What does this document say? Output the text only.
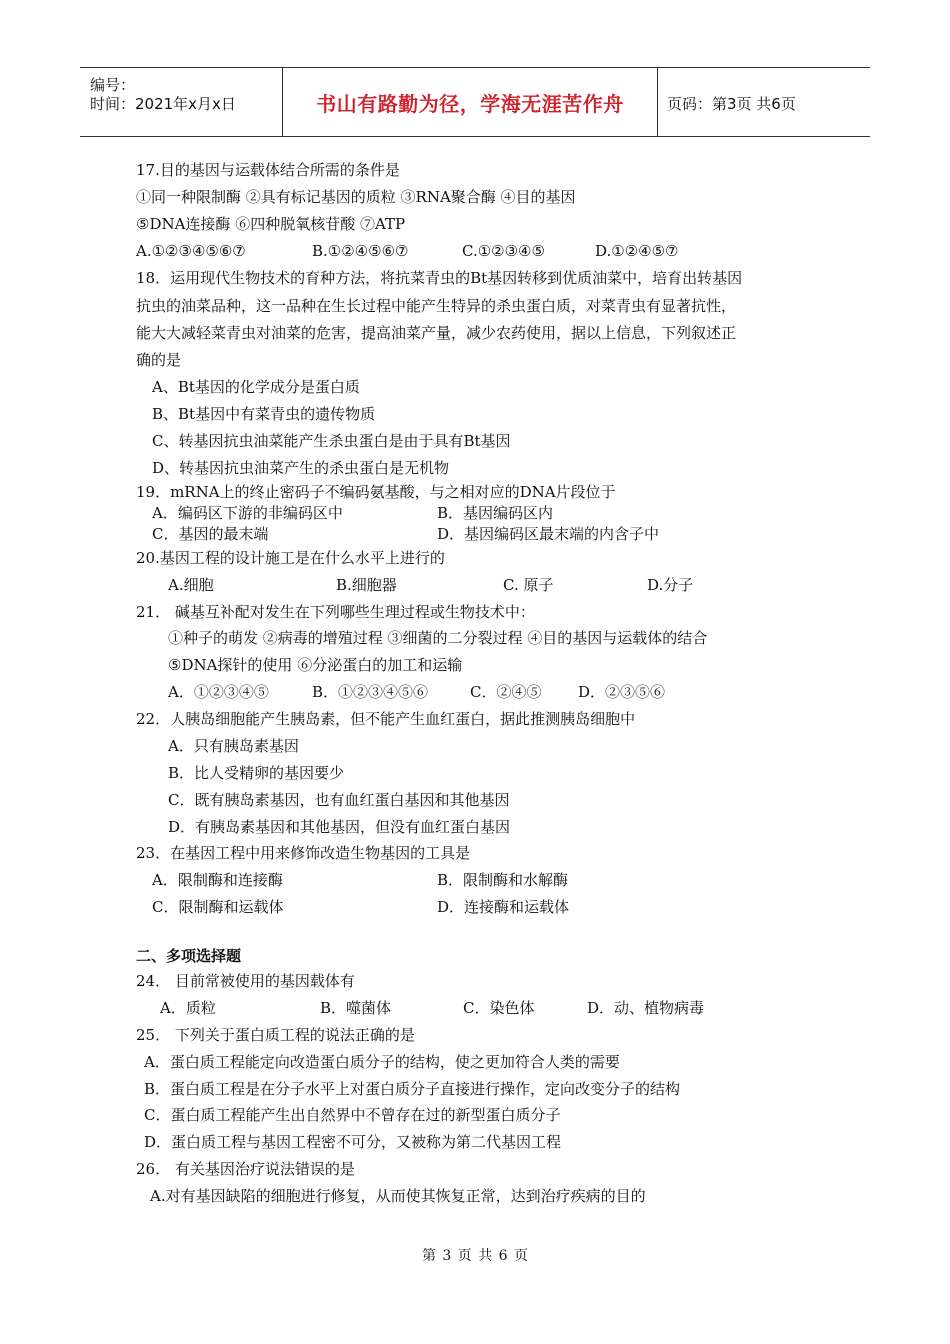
编号：
时间：2021年x月x日	书山有路勤为径，学海无涯苦作舟	页码：第3页 共6页
17.目的基因与运载体结合所需的条件是
①同一种限制酶 ②具有标记基因的质粒 ③RNA聚合酶 ④目的基因
⑤DNA连接酶 ⑥四种脱氧核苷酸 ⑦ATP
A.①②③④⑤⑥⑦	B.①②④⑤⑥⑦	C.①②③④⑤	D.①②④⑤⑦
18．运用现代生物技术的育种方法，将抗菜青虫的Bt基因转移到优质油菜中，培育出转基因
抗虫的油菜品种，这一品种在生长过程中能产生特异的杀虫蛋白质，对菜青虫有显著抗性，
能大大减轻菜青虫对油菜的危害，提高油菜产量，减少农药使用，据以上信息，下列叙述正
确的是
A、Bt基因的化学成分是蛋白质
B、Bt基因中有菜青虫的遗传物质
C、转基因抗虫油菜能产生杀虫蛋白是由于具有Bt基因
D、转基因抗虫油菜产生的杀虫蛋白是无机物
19．mRNA上的终止密码子不编码氨基酸，与之相对应的DNA片段位于
A．编码区下游的非编码区中	B．基因编码区内
C．基因的最末端	D．基因编码区最末端的内含子中
20.基因工程的设计施工是在什么水平上进行的
A.细胞	B.细胞器	C. 原子	D.分子
21． 碱基互补配对发生在下列哪些生理过程或生物技术中：
①种子的萌发 ②病毒的增殖过程 ③细菌的二分裂过程 ④目的基因与运载体的结合
⑤DNA探针的使用 ⑥分泌蛋白的加工和运输
A．①②③④⑤	B．①②③④⑤⑥	C．②④⑤ D．②③⑤⑥
22．人胰岛细胞能产生胰岛素，但不能产生血红蛋白，据此推测胰岛细胞中
A．只有胰岛素基因
B．比人受精卵的基因要少
C．既有胰岛素基因，也有血红蛋白基因和其他基因
D．有胰岛素基因和其他基因，但没有血红蛋白基因
23．在基因工程中用来修饰改造生物基因的工具是
A．限制酶和连接酶	B．限制酶和水解酶
C．限制酶和运载体	D．连接酶和运载体
二、多项选择题
24． 目前常被使用的基因载体有
A．质粒	B．噬菌体	C．染色体	D．动、植物病毒
25． 下列关于蛋白质工程的说法正确的是
A．蛋白质工程能定向改造蛋白质分子的结构，使之更加符合人类的需要
B．蛋白质工程是在分子水平上对蛋白质分子直接进行操作，定向改变分子的结构
C．蛋白质工程能产生出自然界中不曾存在过的新型蛋白质分子
D．蛋白质工程与基因工程密不可分，又被称为第二代基因工程
26． 有关基因治疗说法错误的是
A.对有基因缺陷的细胞进行修复，从而使其恢复正常，达到治疗疾病的目的
第 3 页 共 6 页
